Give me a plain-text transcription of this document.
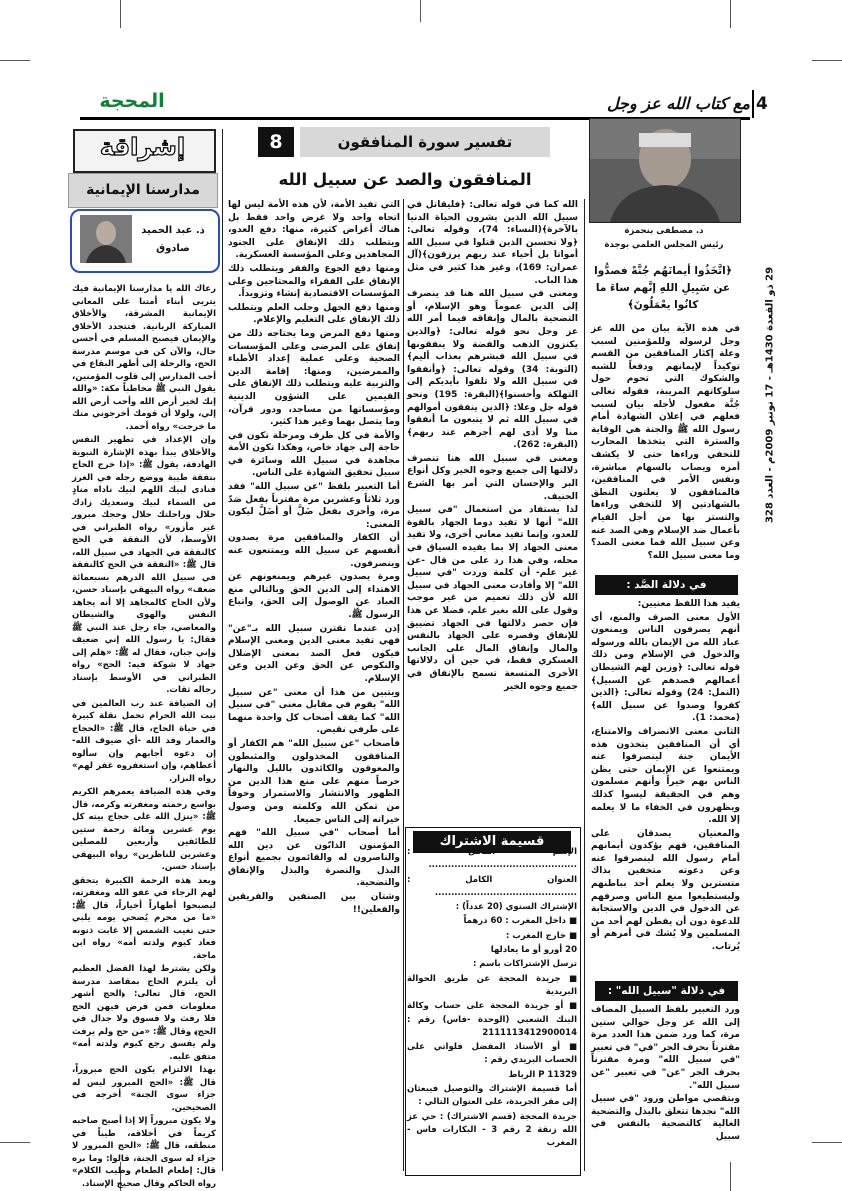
4
مع كتاب الله عز وجل
المحجة
29 ذو القعدة 1430هـ - 17 نونبر 2009م - العدد 328
د. مصطفى بنحمزة
رئيس المجلس العلمي بوجدة
﴿اتَّخَذُوا أيمانَهُم جُنَّةً فصدُّوا عن سَبِيلِ اللهِ إنَّهم ساءَ ما كانُوا يعْمَلُونَ﴾
تفسير سورة المنافقون
8
المنافقون والصد عن سبيل الله

في هذه الآية بيان من الله عز وجل لرسوله وللمؤمنين لسبب وعلة إكثار المنافقين من القسم توكيداً لإيمانهم ودفعاً للشبه والشكوك التي تحوم حول سلوكاتهم المريبة، فقوله تعالى جُنَّة مفعول لأجله بيان لسبب فعلهم في إعلان الشهادة أمام رسول الله ﷺ والجنة هي الوقاية والسترة التي يتخذها المحارب للتخفي وراءها حتى لا يكشف أمره ويصاب بالسهام مباشرة، ونفس الأمر في المنافقين، فالمنافقون لا يعلنون النطق بالشهادتين إلا للتخفي وراءها والتستر بها من أجل القيام بأعمال ضد الإسلام وهي الصد عنه وعن سبيل الله فما معنى الصد؟ وما معنى سبيل الله؟

في دلالة الصَّد :

يفيد هذا اللفظ معنيين:

الأول معنى الصرف والمنع، أي أنهم يصرفون الناس ويمنعون عباد الله من الإيمان بالله ورسوله والدخول في الإسلام ومن ذلك قوله تعالى: ﴿وزين لهم الشيطان أعمالهم فصدهم عن السبيل﴾ (النمل: 24) وقوله تعالى: ﴿الذين كفروا وصدوا عن سبيل الله﴾ (محمد: 1).

الثاني معنى الانصراف والامتناع، أي أن المنافقين يتخذون هذه الأيمان جنة لينصرفوا عنه ويمتنعوا عن الإيمان حتى يظن الناس بهم خيراً وأنهم مسلمون وهم في الحقيقة ليسوا كذلك ويظهرون في الخفاء ما لا يعلمه إلا الله.

والمعنيان يصدقان على المنافقين، فهم يؤكدون أيمانهم أمام رسول الله لينصرفوا عنه وعن دعوته متخفين بذاك متسترين ولا يعلم أحد بباطنهم وليستطيعوا منع الناس وصرفهم عن الدخول في الدين والاستجابة للدعوة دون أن يفطن لهم أحد من المسلمين ولا يُشك في أمرهم أو يُرتاب.

في دلالة "سبيل الله" :

ورد التعبير بلفظ السبيل المضاف إلى الله عز وجل حوالي ستين مرة، كما ورد ضمن هذا العدد مرة مقترناً بحرف الجر "في" في تعبير "في سبيل الله" ومرة مقترناً بحرف الجر "عن" في تعبير "عن سبيل الله".

وبتقصي مواطن ورود "في سبيل الله" نجدها تتعلق بالبذل والتضحية الغالية كالتضحية بالنفس في سبيل

الله كما في قوله تعالى: ﴿فليقاتل في سبيل الله الذين يشرون الحياة الدنيا بالآخرة﴾(النساء: 74)، وقوله تعالى: ﴿ولا تحسبن الذين قتلوا في سبيل الله أمواتا بل أحياء عند ربهم يرزقون﴾(آل عمران: 169)، وغير هذا كثير في مثل هذا الباب.

ومعنى في سبيل الله هنا قد ينصرف إلى الدين عموماً وهو الإسلام، أو التضحية بالمال وإنفاقه فيما أمر الله عز وجل نحو قوله تعالى: ﴿والذين يكنزون الذهب والفضة ولا ينفقونها في سبيل الله فبشرهم بعذاب أليم﴾(التوبة: 34) وقوله تعالى: ﴿وأنفقوا في سبيل الله ولا تلقوا بأيديكم إلى التهلكة وأحسنوا﴾(البقرة: 195) ونحو قوله جل وعلا: ﴿الذين ينفقون أموالهم في سبيل الله ثم لا يتبعون ما أنفقوا منا ولا أذى لهم أجرهم عند ربهم﴾(البقرة: 262).

ومعنى في سبيل الله هنا تنصرف دلالتها إلى جميع وجوه الخير وكل أنواع البر والإحسان التي أمر بها الشرع الحنيف.

لذا يستفاد من استعمال "في سبيل الله" أنها لا تفيد دوما الجهاد بالقوة للعدو، وإنما تفيد معاني أخرى، ولا تفيد معنى الجهاد إلا بما يفيده السياق في محله، وفي هذا رد على من قال -عن غير علم- أن كلمة وردت "في سبيل الله" إلا وأفادت معنى الجهاد في سبيل الله لأن ذلك تعميم من غير موجب وقول على الله بغير علم. فضلا عن هذا فإن حصر دلالتها في الجهاد تضييق للإنفاق وقصره على الجهاد بالنفس والمال وإنفاق المال على الجانب العسكري فقط، في حين أن دلالاتها الأخرى المتسعة تسمح بالإنفاق في جميع وجوه الخير

قسيمة الاشتراك

الإسم الكامل : ..............................................

العنوان الكامل : ............................................

الإشتراك السنوي (20 عدداً) :

■ داخل المغرب : 60 درهماً

■ خارج المغرب :

20 أورو أو ما يعادلها

ترسل الإشتراكات باسم :

■ جريدة المحجة عن طريق الحوالة البريدية

■ أو جريدة المحجة على حساب وكالة البنك الشعبي (الوحدة -فاس) رقم : 2111113412900014

■ أو الأستاذ المفضل فلواتي على الحساب البريدي رقم :

11329 P الرباط

أما قسيمة الإشتراك والتوصيل فيبعثان إلى مقر الجريدة، على العنوان التالي :

جريدة المحجة (قسم الاشتراك) : حي عز الله زنقة 2 رقم 3 - البكارات فاس - المغرب

التي تفيد الأمة، لأن هذه الأمة ليس لها اتجاه واحد ولا غرض واحد فقط بل هناك أغراض كثيرة، منها: دفع العدو، ويتطلب ذلك الإنفاق على الجنود المجاهدين وعلى المؤسسة العسكرية.

ومنها دفع الجوع والفقر ويتطلب ذلك الإنفاق على الفقراء والمحتاجين وعلى المؤسسات الاقتصادية إنشاء وتزويداً.

ومنها دفع الجهل وجلب العلم ويتطلب ذلك الإنفاق على التعليم والإعلام.

ومنها دفع المرض وما يحتاجه ذلك من إنفاق على المرضى وعلى المؤسسات الصحية وعلى عملية إعداد الأطباء والممرضين، ومنها: إقامة الدين والتربية عليه ويتطلب ذلك الإنفاق على القيمين على الشؤون الدينية ومؤسساتها من مساجد، ودور قرآن، وما يتصل بهما وغير هذا كثير.

والأمة في كل ظرف ومرحلة تكون في حاجة إلى جهاد خاص، وهكذا تكون الأمة مجاهدة في سبيل الله وسائرة في سبيل تحقيق الشهادة على الناس.

أما التعبير بلفظ "عن سبيل الله" فقد ورد ثلاثاً وعشرين مرة مقترناً بفعل صَدّ مرة، وأخرى بفعل ضَلَّ أو أضَلَّ ليكون المعنى:

أن الكفار والمنافقين مرة يصدون أنفسهم عن سبيل الله ويمتنعون عنه وينصرفون.

ومرة يصدون غيرهم ويمنعونهم عن الاهتداء إلى الدين الحق وبالتالي منع العباد عن الوصول إلى الحق، واتباع الرسول ﷺ.

إذن عندما تقترن سبيل الله بـ"عن" فهي تفيد معنى الدين ومعنى الإسلام فيكون فعل الصد بمعنى الإضلال والنكوص عن الحق وعن الدين وعن الإسلام.

ويتبين من هذا أن معنى "عن سبيل الله" يقوم في مقابل معنى "في سبيل الله" كما يقف أصحاب كل واحدة منهما على طرفي نقيض.

فأصحاب "عن سبيل الله" هم الكفار أو المنافقون المخذولون والمثبطون والمعوقون والكائدون بالليل والنهار حرصاً منهم على منع هذا الدين من الظهور والانتشار والاستمرار وخوفاً من تمكن الله وكلمته ومن وصول خيراته إلى الناس جميعا.

أما أصحاب "في سبيل الله" فهم المؤمنون الذابّون عن دين الله والناصرون له والقائمون بجميع أنواع البذل والنصرة والبذل والإنفاق والتضحية.

وشتان بين الصنفين والفريقين والفعلين!!

إشراقة
مدارسنا الإيمانية
ذ. عبد الحميد صادوق

رعاك الله يا مدارسنا الإيمانية فيك يتربى أبناء أمتنا على المعاني الإيمانية المشرقة، والأخلاق المباركة الربانية. فتتجدد الأخلاق والإيمان فيصبح المسلم في أحسن حال، والآن كن في موسم مدرسة الحج، والرحلة إلى أطهر البقاع في أحب المدارس إلى قلوب المؤمنين، يقول النبي ﷺ مخاطباً مكة: «والله إنك لخير أرض الله وأحب أرض الله إلي، ولولا أن قومك أخرجوني منك ما خرجت» رواه أحمد.

وإن الإعداد في تطهير النفس والأخلاق يبدأ بهذه الإشارة النبوية الهادفة، يقول ﷺ: «إذا خرج الحاج بنفقة طيبة ووضع رجله في الغرز فنادى لبيك اللهم لبيك ناداه منادٍ من السماء لبيك وسعديك زادك حلال وراحلتك حلال وحجك مبرور غير مأزور» رواه الطبراني في الأوسط، لأن النفقة في الحج كالنفقة في الجهاد في سبيل الله، قال ﷺ: «النفقة في الحج كالنفقة في سبيل الله الدرهم بسبعمائة ضعف» رواه البيهقي بإسناد حسن، ولأن الحاج كالمجاهد إلا أنه يجاهد النفس والهوى والشيطان والمعاصي، جاء رجل عند النبي ﷺ فقال: يا رسول الله إني ضعيف وإني جبان، فقال له ﷺ: «هلم إلى جهاد لا شوكة فيه: الحج» رواه الطبراني في الأوسط بإسناد رجاله ثقات.

إن الضيافة عند رب العالمين في بيت الله الحرام تحمل نقلة كبيرة في حياة الحاج، قال ﷺ: «الحجاج والعمار وفد الله -أي ضيوف الله- إن دعوه أجابهم وإن سألوه أعطاهم، وإن استغفروه غفر لهم» رواه البزار.

وفي هذه الضيافة يعمرهم الكريم بواسع رحمته ومغفرته وكرمه، قال ﷺ: «ينزل الله على حجاج بيته كل يوم عشرين ومائة رحمة ستين للطائفين وأربعين للمصلين وعشرين للناظرين» رواه البيهقي بإسناد حسن.

وبعد هذه الرحمة الكبيرة يتحقق لهم الرجاء في عفو الله ومغفرته، ليصبحوا أطهاراً أخياراً، قال ﷺ: «ما من محرم يُضحي يومه يلبي حتى تغيب الشمس إلا غابت ذنوبه فعاد كيوم ولدته أمه» رواه ابن ماجة.

ولكن يشترط لهذا الفضل العظيم أن يلتزم الحاج بمقاصد مدرسة الحج، قال تعالى: ﴿الحج أشهر معلومات فمن فرض فيهن الحج فلا رفث ولا فسوق ولا جدال في الحج﴾ وقال ﷺ: «من حج ولم يرفث ولم يفسق رجع كيوم ولدته أمه» متفق عليه.

بهذا الالتزام يكون الحج مبروراً، قال ﷺ: «الحج المبرور ليس له جزاء سوى الجنة» أخرجه في الصحيحين.

ولا يكون مبروراً إلا إذا أصبح صاحبه كريماً في أخلاقه، طيباً في منطقه، قال ﷺ: «الحج المبرور لا جزاء له سوى الجنة، قالوا: وما بره قال: إطعام الطعام وطيب الكلام» رواه الحاكم وقال صحيح الإسناد.
